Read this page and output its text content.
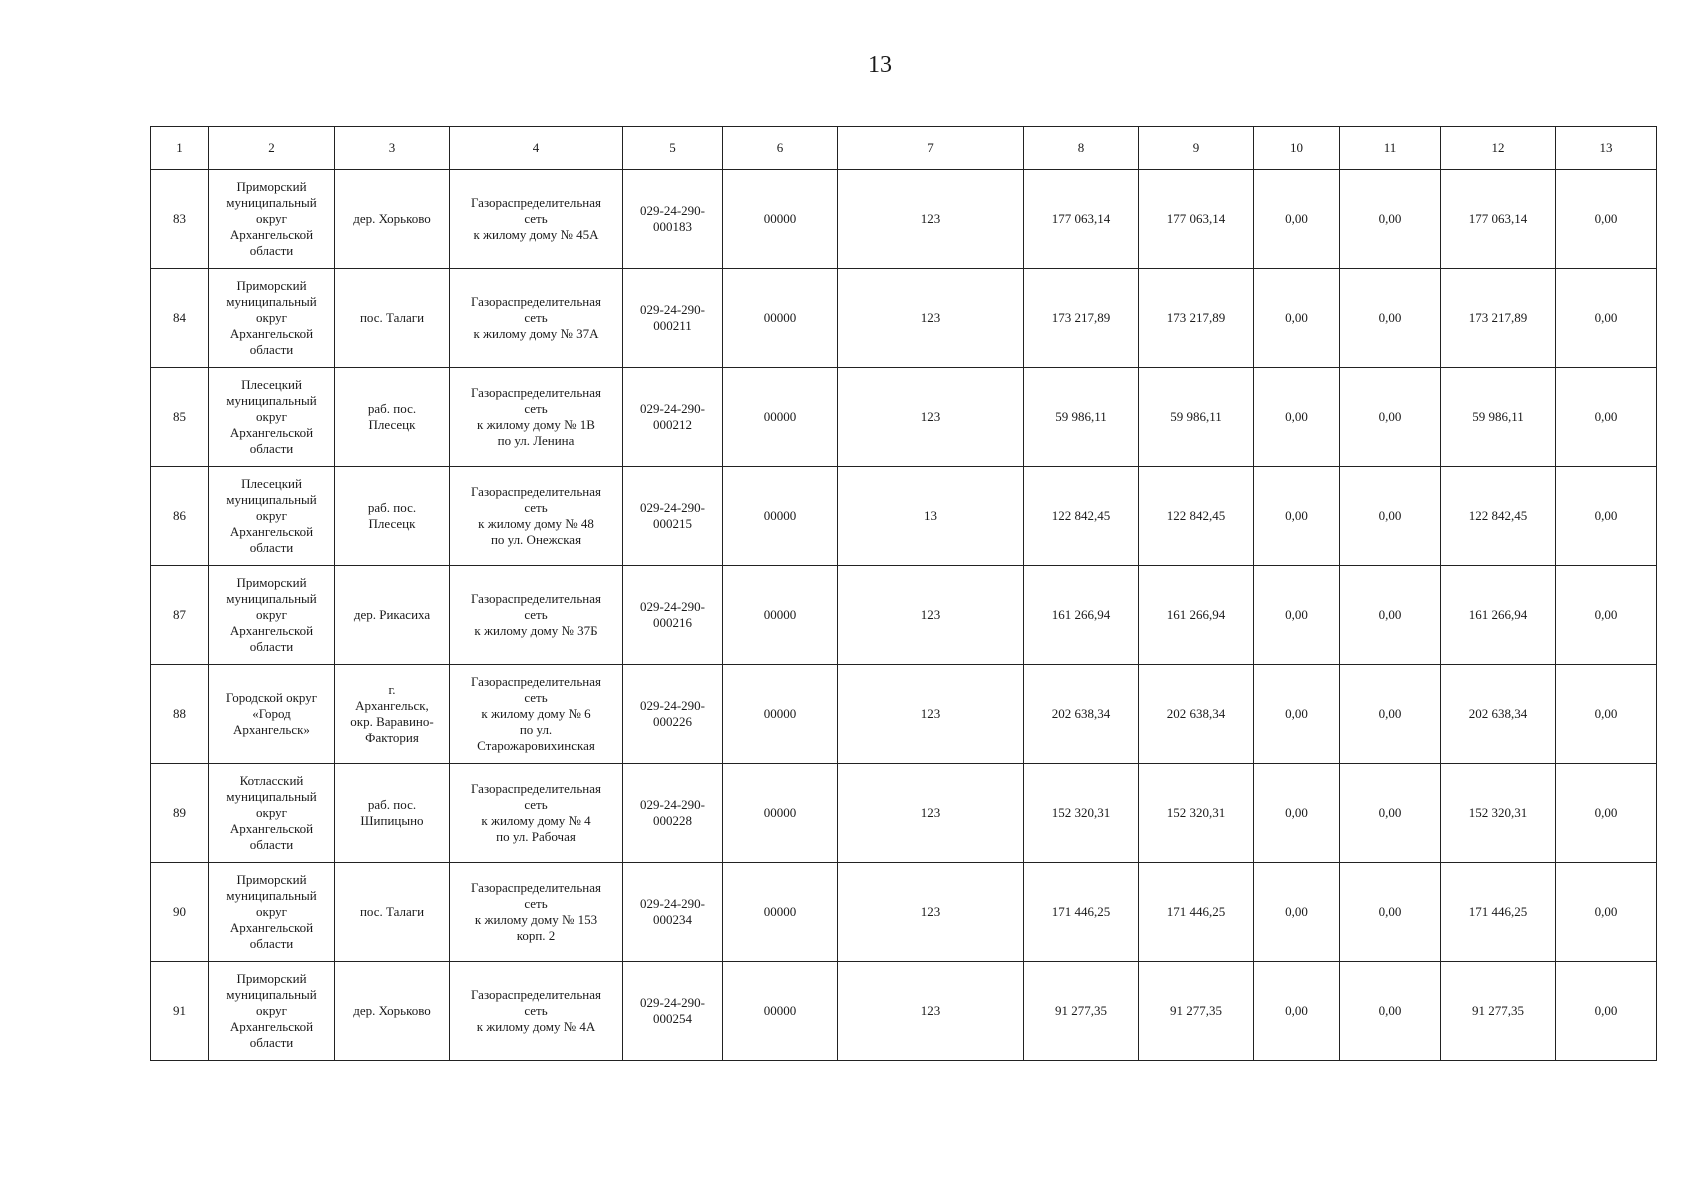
13
1	2	3	4	5	6	7	8	9	10	11	12	13
83	Приморский
муниципальный
округ
Архангельской
области	дер. Хорьково	Газораспределительная
сеть
к жилому дому № 45А	029-24-290-
000183	00000	123	177 063,14	177 063,14	0,00	0,00	177 063,14	0,00
84	Приморский
муниципальный
округ
Архангельской
области	пос. Талаги	Газораспределительная
сеть
к жилому дому № 37А	029-24-290-
000211	00000	123	173 217,89	173 217,89	0,00	0,00	173 217,89	0,00
85	Плесецкий
муниципальный
округ
Архангельской
области	раб. пос.
Плесецк	Газораспределительная
сеть
к жилому дому № 1В
по ул. Ленина	029-24-290-
000212	00000	123	59 986,11	59 986,11	0,00	0,00	59 986,11	0,00
86	Плесецкий
муниципальный
округ
Архангельской
области	раб. пос.
Плесецк	Газораспределительная
сеть
к жилому дому № 48
по ул. Онежская	029-24-290-
000215	00000	13	122 842,45	122 842,45	0,00	0,00	122 842,45	0,00
87	Приморский
муниципальный
округ
Архангельской
области	дер. Рикасиха	Газораспределительная
сеть
к жилому дому № 37Б	029-24-290-
000216	00000	123	161 266,94	161 266,94	0,00	0,00	161 266,94	0,00
88	Городской округ
«Город
Архангельск»	г.
Архангельск,
окр. Варавино-
Фактория	Газораспределительная
сеть
к жилому дому № 6
по ул.
Старожаровихинская	029-24-290-
000226	00000	123	202 638,34	202 638,34	0,00	0,00	202 638,34	0,00
89	Котласский
муниципальный
округ
Архангельской
области	раб. пос.
Шипицыно	Газораспределительная
сеть
к жилому дому № 4
по ул. Рабочая	029-24-290-
000228	00000	123	152 320,31	152 320,31	0,00	0,00	152 320,31	0,00
90	Приморский
муниципальный
округ
Архангельской
области	пос. Талаги	Газораспределительная
сеть
к жилому дому № 153
корп. 2	029-24-290-
000234	00000	123	171 446,25	171 446,25	0,00	0,00	171 446,25	0,00
91	Приморский
муниципальный
округ
Архангельской
области	дер. Хорьково	Газораспределительная
сеть
к жилому дому № 4А	029-24-290-
000254	00000	123	91 277,35	91 277,35	0,00	0,00	91 277,35	0,00
